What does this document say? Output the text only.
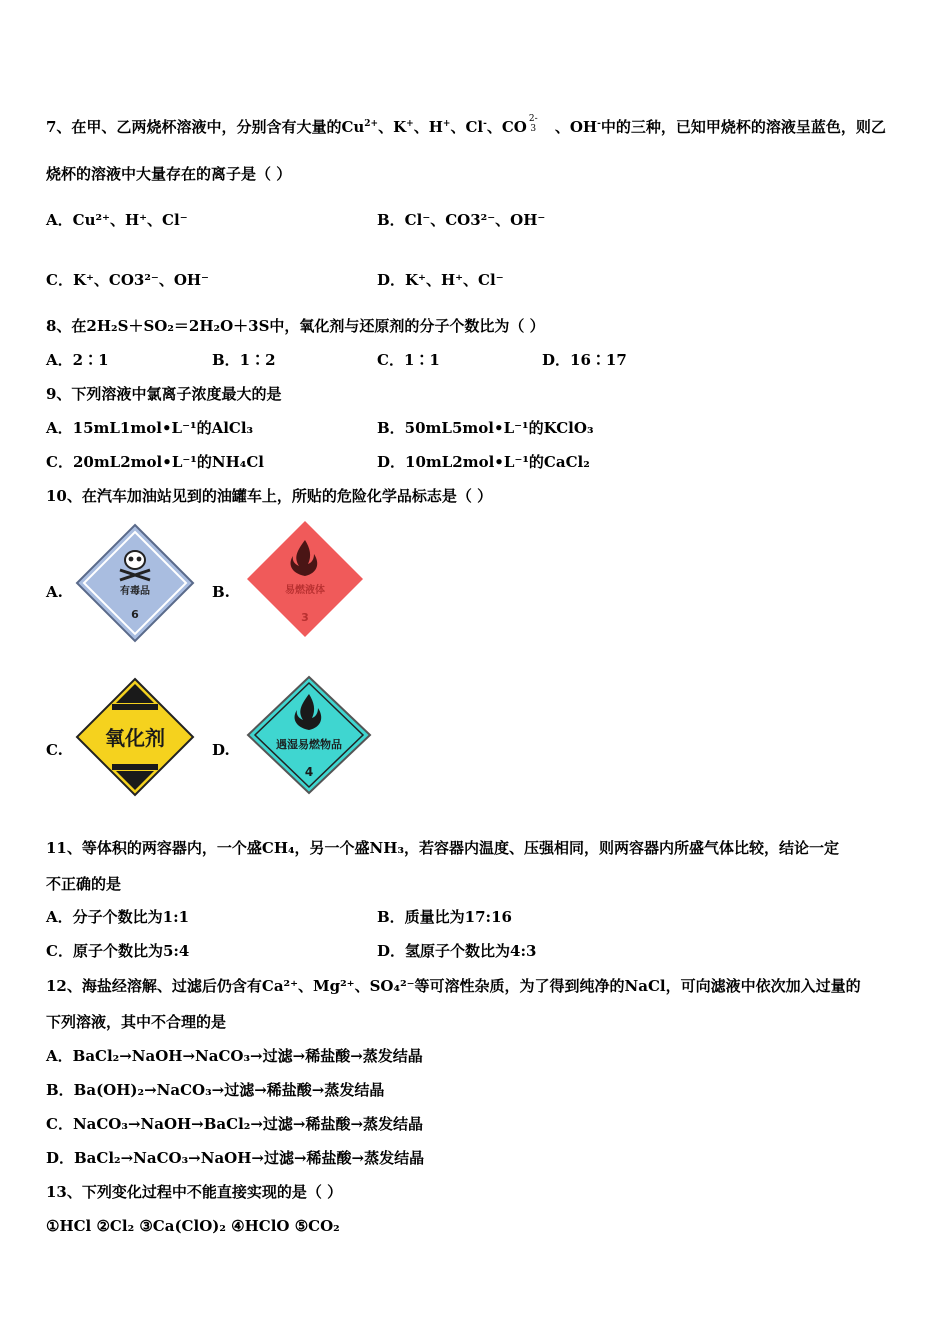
7、在甲、乙两烧杯溶液中，分别含有大量的$Cu^{2+}$、K+、H+、Cl-、CO 2-
3 、OH-中的三种，已知甲烧杯的溶液呈蓝色，则乙
烧杯的溶液中大量存在的离子是（ ）
A．Cu²⁺、H⁺、Cl⁻	B．Cl⁻、CO3²⁻、OH⁻
C．K⁺、CO3²⁻、OH⁻	D．K⁺、H⁺、Cl⁻
8、在2H₂S＋SO₂＝2H₂O＋3S中，氧化剂与还原剂的分子个数比为（ ）
A．2∶1	B．1∶2	C．1∶1	D．16∶17
9、下列溶液中氯离子浓度最大的是
A．15mL1mol•L⁻¹的AlCl₃	B．50mL5mol•L⁻¹的KClO₃
C．20mL2mol•L⁻¹的NH₄Cl	D．10mL2mol•L⁻¹的CaCl₂
10、在汽车加油站见到的油罐车上，所贴的危险化学品标志是（ ）
A.	有毒品
6
B.	易燃液体
3
C. 氧化剂	D.	遇湿易燃物品
4
11、等体积的两容器内，一个盛CH₄，另一个盛NH₃，若容器内温度、压强相同，则两容器内所盛气体比较，结论一定
不正确的是
A．分子个数比为1:1	B．质量比为17:16
C．原子个数比为5:4	D．氢原子个数比为4:3
12、海盐经溶解、过滤后仍含有Ca²⁺、Mg²⁺、SO₄²⁻等可溶性杂质，为了得到纯净的NaCl，可向滤液中依次加入过量的
下列溶液，其中不合理的是
A．BaCl₂→NaOH→NaCO₃→过滤→稀盐酸→蒸发结晶
B．Ba(OH)₂→NaCO₃→过滤→稀盐酸→蒸发结晶
C．NaCO₃→NaOH→BaCl₂→过滤→稀盐酸→蒸发结晶
D．BaCl₂→NaCO₃→NaOH→过滤→稀盐酸→蒸发结晶
13、下列变化过程中不能直接实现的是（ ）
①HCl ②Cl₂ ③Ca(ClO)₂ ④HClO ⑤CO₂
